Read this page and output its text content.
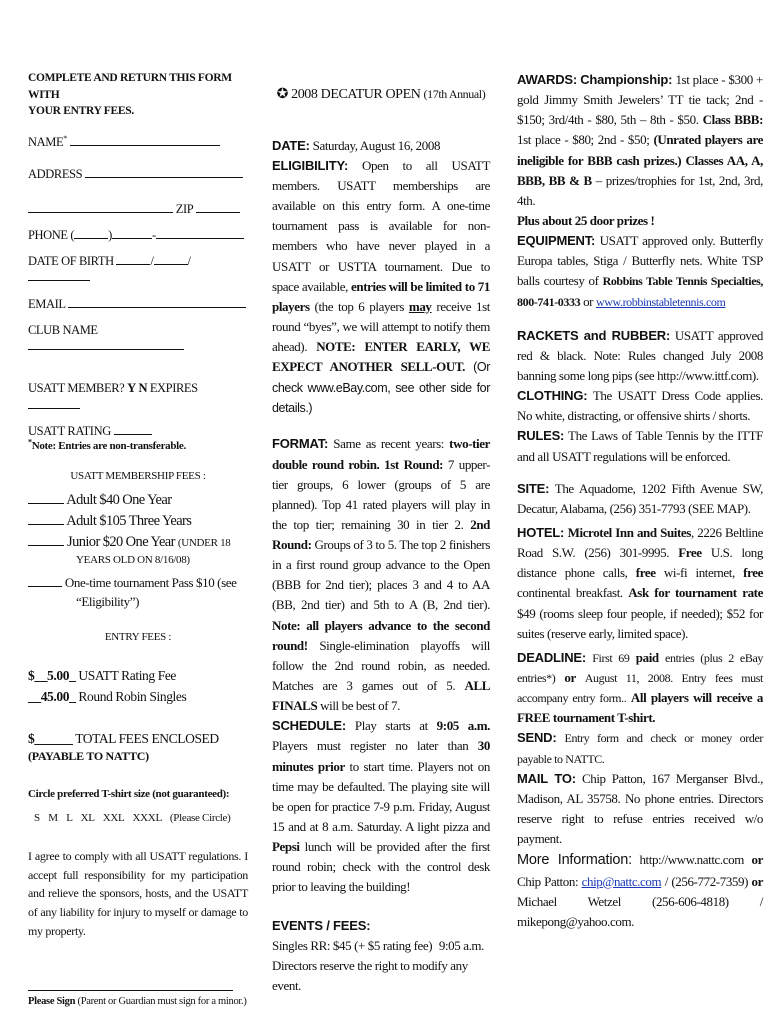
COMPLETE AND RETURN THIS FORM WITH
YOUR ENTRY FEES.

NAME*

ADDRESS

ZIP

PHONE (	)	-

DATE OF BIRTH	/	/

EMAIL

CLUB NAME

USATT MEMBER? Y N EXPIRES

USATT RATING

*Note: Entries are non-transferable.

USATT MEMBERSHIP FEES :

Adult $40 One Year

Adult $105 Three Years

Junior $20 One Year (UNDER 18

YEARS OLD ON 8/16/08)

One-time tournament Pass $10 (see
“Eligibility”)

ENTRY FEES :

$__5.00_ USATT Rating Fee

__45.00_ Round Robin Singles

$______ TOTAL FEES ENCLOSED

(PAYABLE TO NATTC)

Circle preferred T-shirt size (not guaranteed):

S M L XL XXL XXXL (Please Circle)

I agree to comply with all USATT regulations. I accept full responsibility for my participation and relieve the sponsors, hosts, and the USATT of any liability for injury to myself or damage to my property.

Please Sign (Parent or Guardian must sign for a minor.)

✪ 2008 DECATUR OPEN (17th Annual)

DATE: Saturday, August 16, 2008

ELIGIBILITY: Open to all USATT members. USATT memberships are available on this entry form. A one-time tournament pass is available for non-members who have never played in a USATT or USTTA tournament. Due to space available, entries will be limited to 71 players (the top 6 players may receive 1st round “byes”, we will attempt to notify them ahead). NOTE: ENTER EARLY, WE EXPECT ANOTHER SELL-OUT. (Or check www.eBay.com, see other side for details.)

FORMAT: Same as recent years: two-tier double round robin. 1st Round: 7 upper-tier groups, 6 lower (groups of 5 are planned). Top 41 rated players will play in the top tier; remaining 30 in tier 2. 2nd Round: Groups of 3 to 5. The top 2 finishers in a first round group advance to the Open (BBB for 2nd tier); places 3 and 4 to AA (BB, 2nd tier) and 5th to A (B, 2nd tier). Note: all players advance to the second round! Single-elimination playoffs will follow the 2nd round robin, as needed. Matches are 3 games out of 5. ALL FINALS will be best of 7.

SCHEDULE: Play starts at 9:05 a.m. Players must register no later than 30 minutes prior to start time. Players not on time may be defaulted. The playing site will be open for practice 7-9 p.m. Friday, August 15 and at 8 a.m. Saturday. A light pizza and Pepsi lunch will be provided after the first round robin; check with the control desk prior to leaving the building!

EVENTS / FEES:
Singles RR: $45 (+ $5 rating fee) 9:05 a.m.

Directors reserve the right to modify any event.

AWARDS: Championship: 1st place - $300 + gold Jimmy Smith Jewelers’ TT tie tack; 2nd - $150; 3rd/4th - $80, 5th – 8th - $50. Class BBB: 1st place - $80; 2nd - $50; (Unrated players are ineligible for BBB cash prizes.) Classes AA, A, BBB, BB & B – prizes/trophies for 1st, 2nd, 3rd, 4th.
Plus about 25 door prizes !

EQUIPMENT: USATT approved only. Butterfly Europa tables, Stiga / Butterfly nets. White TSP balls courtesy of Robbins Table Tennis Specialties, 800-741-0333 or www.robbinstabletennis.com

RACKETS and RUBBER: USATT approved red & black. Note: Rules changed July 2008 banning some long pips (see http://www.ittf.com).

CLOTHING: The USATT Dress Code applies. No white, distracting, or offensive shirts / shorts.

RULES: The Laws of Table Tennis by the ITTF and all USATT regulations will be enforced.

SITE: The Aquadome, 1202 Fifth Avenue SW, Decatur, Alabama, (256) 351-7793 (SEE MAP).

HOTEL: Microtel Inn and Suites, 2226 Beltline Road S.W. (256) 301-9995. Free U.S. long distance phone calls, free wi-fi internet, free continental breakfast. Ask for tournament rate $49 (rooms sleep four people, if needed); $52 for suites (reserve early, limited space).

DEADLINE: First 69 paid entries (plus 2 eBay entries*) or August 11, 2008. Entry fees must accompany entry form.. All players will receive a FREE tournament T-shirt.

SEND: Entry form and check or money order payable to NATTC.

MAIL TO: Chip Patton, 167 Merganser Blvd., Madison, AL 35758. No phone entries. Directors reserve right to refuse entries received w/o payment.

More Information: http://www.nattc.com or Chip Patton: chip@nattc.com / (256-772-7359) or Michael Wetzel (256-606-4818) / mikepong@yahoo.com.
